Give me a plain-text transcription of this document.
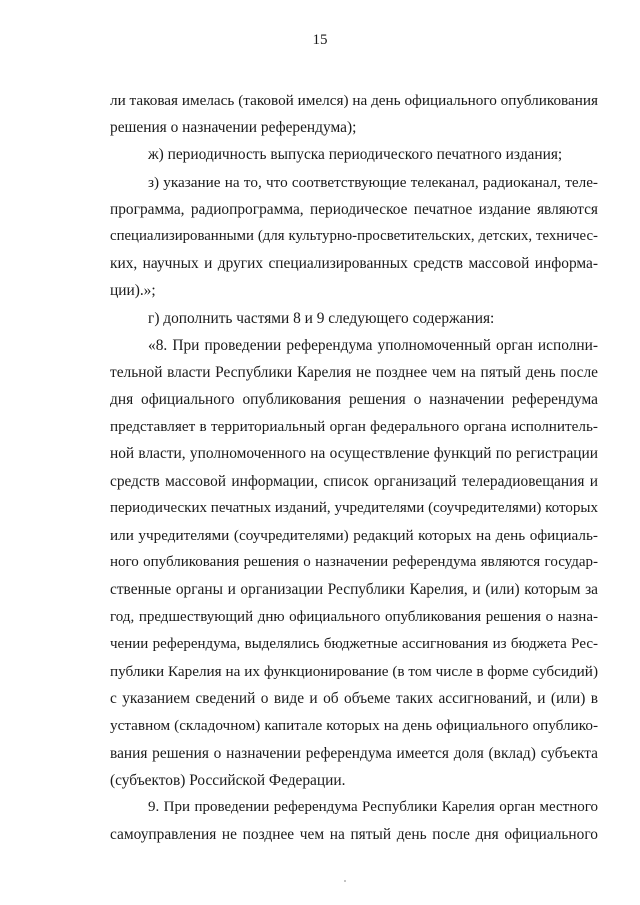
15
ли таковая имелась (таковой имелся) на день официального опубликования
решения о назначении референдума);
ж) периодичность выпуска периодического печатного издания;
з) указание на то, что соответствующие телеканал, радиоканал, теле-
программа, радиопрограмма, периодическое печатное издание являются
специализированными (для культурно-просветительских, детских, техничес-
ких, научных и других специализированных средств массовой информа-
ции).»;
г) дополнить частями 8 и 9 следующего содержания:
«8. При проведении референдума уполномоченный орган исполни-
тельной власти Республики Карелия не позднее чем на пятый день после
дня официального опубликования решения о назначении референдума
представляет в территориальный орган федерального органа исполнитель-
ной власти, уполномоченного на осуществление функций по регистрации
средств массовой информации, список организаций телерадиовещания и
периодических печатных изданий, учредителями (соучредителями) которых
или учредителями (соучредителями) редакций которых на день официаль-
ного опубликования решения о назначении референдума являются государ-
ственные органы и организации Республики Карелия, и (или) которым за
год, предшествующий дню официального опубликования решения о назна-
чении референдума, выделялись бюджетные ассигнования из бюджета Рес-
публики Карелия на их функционирование (в том числе в форме субсидий)
с указанием сведений о виде и об объеме таких ассигнований, и (или) в
уставном (складочном) капитале которых на день официального опублико-
вания решения о назначении референдума имеется доля (вклад) субъекта
(субъектов) Российской Федерации.
9. При проведении референдума Республики Карелия орган местного
самоуправления не позднее чем на пятый день после дня официального
